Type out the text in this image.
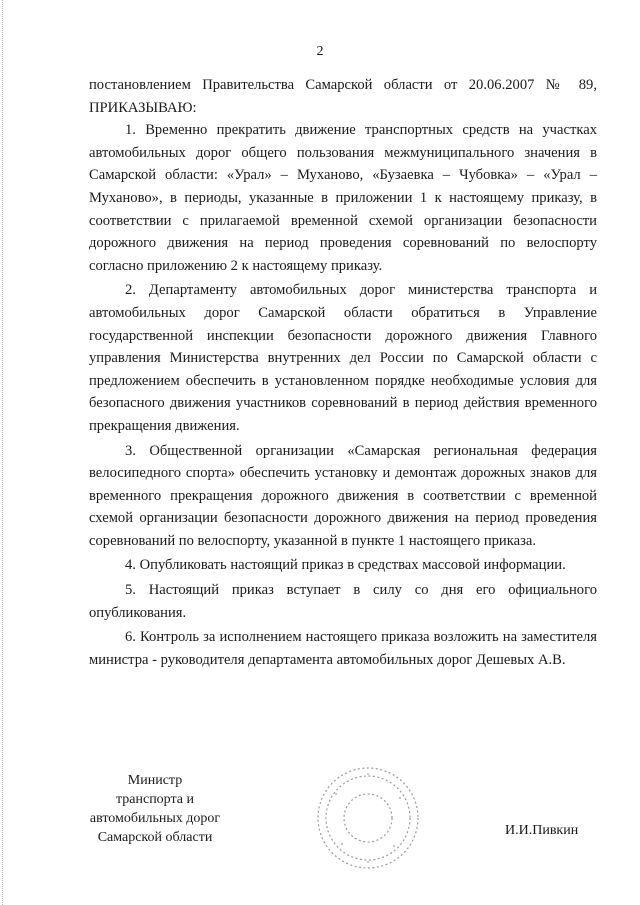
2

постановлением Правительства Самарской области от 20.06.2007 № 89,

ПРИКАЗЫВАЮ:

1. Временно прекратить движение транспортных средств на участках автомобильных дорог общего пользования межмуниципального значения в Самарской области: «Урал» – Муханово, «Бузаевка – Чубовка» – «Урал – Муханово», в периоды, указанные в приложении 1 к настоящему приказу, в соответствии с прилагаемой временной схемой организации безопасности дорожного движения на период проведения соревнований по велоспорту согласно приложению 2 к настоящему приказу.

2. Департаменту автомобильных дорог министерства транспорта и автомобильных дорог Самарской области обратиться в Управление государственной инспекции безопасности дорожного движения Главного управления Министерства внутренних дел России по Самарской области с предложением обеспечить в установленном порядке необходимые условия для безопасного движения участников соревнований в период действия временного прекращения движения.

3. Общественной организации «Самарская региональная федерация велосипедного спорта» обеспечить установку и демонтаж дорожных знаков для временного прекращения дорожного движения в соответствии с временной схемой организации безопасности дорожного движения на период проведения соревнований по велоспорту, указанной в пункте 1 настоящего приказа.

4. Опубликовать настоящий приказ в средствах массовой информации.

5. Настоящий приказ вступает в силу со дня его официального опубликования.

6. Контроль за исполнением настоящего приказа возложить на заместителя министра - руководителя департамента автомобильных дорог Дешевых А.В.

Министр
транспорта и
автомобильных дорог
Самарской области	И.И.Пивкин
